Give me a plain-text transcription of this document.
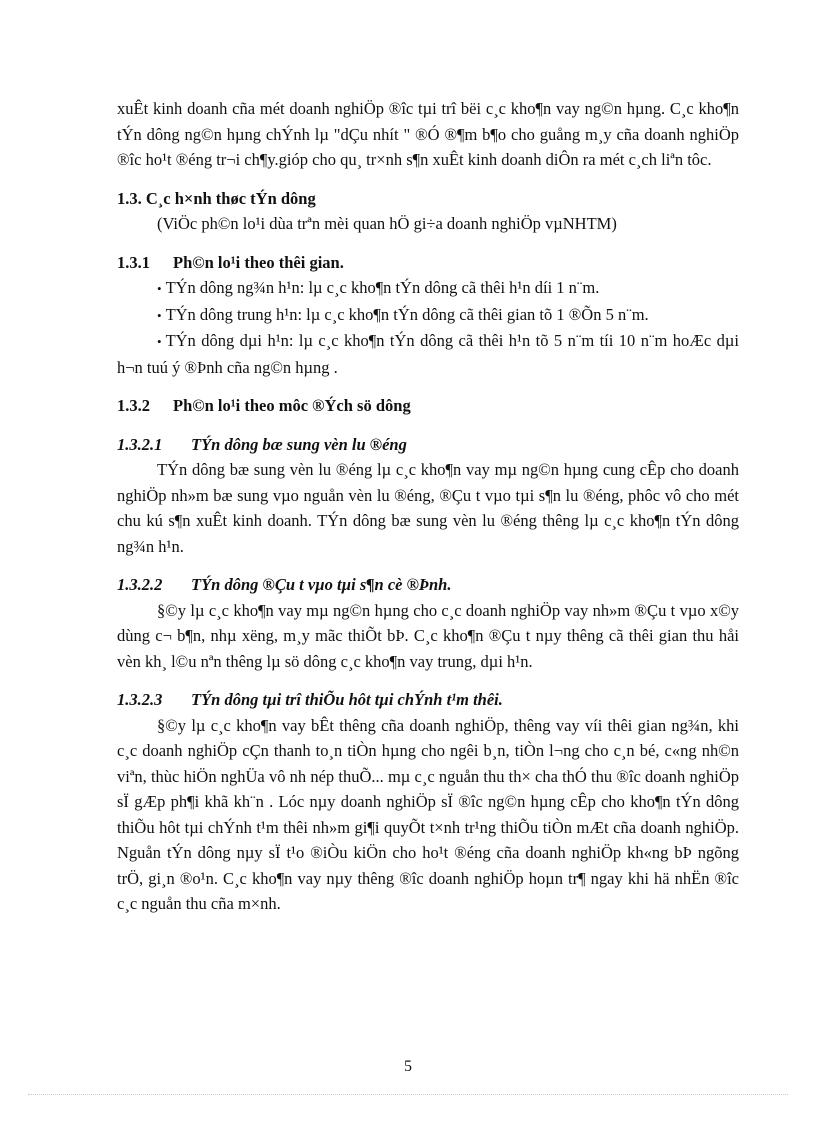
xuÊt kinh doanh cña mét doanh nghiÖp ®îc tµi trî bëi c¸c kho¶n vay ng©n hµng. C¸c kho¶n tÝn dông ng©n hµng chÝnh lµ "dÇu nhít " ®Ó ®¶m b¶o cho guång m¸y cña doanh nghiÖp ®îc ho¹t ®éng tr¬i ch¶y.gióp cho qu¸ tr×nh s¶n xuÊt kinh doanh diÔn ra mét c¸ch liªn tôc.

1.3. C¸c h×nh thøc tÝn dông

(ViÖc ph©n lo¹i dùa trªn mèi quan hÖ gi÷a doanh nghiÖp vµNHTM)

1.3.1 Ph©n lo¹i theo thêi gian.

• TÝn dông ng¾n h¹n: lµ c¸c kho¶n tÝn dông cã thêi h¹n díi 1 n¨m.

• TÝn dông trung h¹n: lµ c¸c kho¶n tÝn dông cã thêi gian tõ 1 ®Õn 5 n¨m.

• TÝn dông dµi h¹n: lµ c¸c kho¶n tÝn dông cã thêi h¹n tõ 5 n¨m tíi 10 n¨m hoÆc dµi h¬n tuú ý ®Þnh cña ng©n hµng .

1.3.2 Ph©n lo¹i theo môc ®Ých sö dông

1.3.2.1 TÝn dông bæ sung vèn lu ®éng

TÝn dông bæ sung vèn lu ®éng lµ c¸c kho¶n vay mµ ng©n hµng cung cÊp cho doanh nghiÖp nh»m bæ sung vµo nguån vèn lu ®éng, ®Çu t vµo tµi s¶n lu ®éng, phôc vô cho mét chu kú s¶n xuÊt kinh doanh. TÝn dông bæ sung vèn lu ®éng thêng lµ c¸c kho¶n tÝn dông ng¾n h¹n.

1.3.2.2 TÝn dông ®Çu t vµo tµi s¶n cè ®Þnh.

§©y lµ c¸c kho¶n vay mµ ng©n hµng cho c¸c doanh nghiÖp vay nh»m ®Çu t vµo x©y dùng c¬ b¶n, nhµ xëng, m¸y mãc thiÕt bÞ. C¸c kho¶n ®Çu t nµy thêng cã thêi gian thu håi vèn kh¸ l©u nªn thêng lµ sö dông c¸c kho¶n vay trung, dµi h¹n.

1.3.2.3 TÝn dông tµi trî thiÕu hôt tµi chÝnh t¹m thêi.

§©y lµ c¸c kho¶n vay bÊt thêng cña doanh nghiÖp, thêng vay víi thêi gian ng¾n, khi c¸c doanh nghiÖp cÇn thanh to¸n tiÒn hµng cho ngêi b¸n, tiÒn l¬ng cho c¸n bé, c«ng nh©n viªn, thùc hiÖn nghÜa vô nh nép thuÕ... mµ c¸c nguån thu th× cha thÓ thu ®îc doanh nghiÖp sÏ gÆp ph¶i khã kh¨n . Lóc nµy doanh nghiÖp sÏ ®îc ng©n hµng cÊp cho kho¶n tÝn dông thiÕu hôt tµi chÝnh t¹m thêi nh»m gi¶i quyÕt t×nh tr¹ng thiÕu tiÒn mÆt cña doanh nghiÖp. Nguån tÝn dông nµy sÏ t¹o ®iÒu kiÖn cho ho¹t ®éng cña doanh nghiÖp kh«ng bÞ ngõng trÖ, gi¸n ®o¹n. C¸c kho¶n vay nµy thêng ®îc doanh nghiÖp hoµn tr¶ ngay khi hä nhËn ®îc c¸c nguån thu cña m×nh.

5
